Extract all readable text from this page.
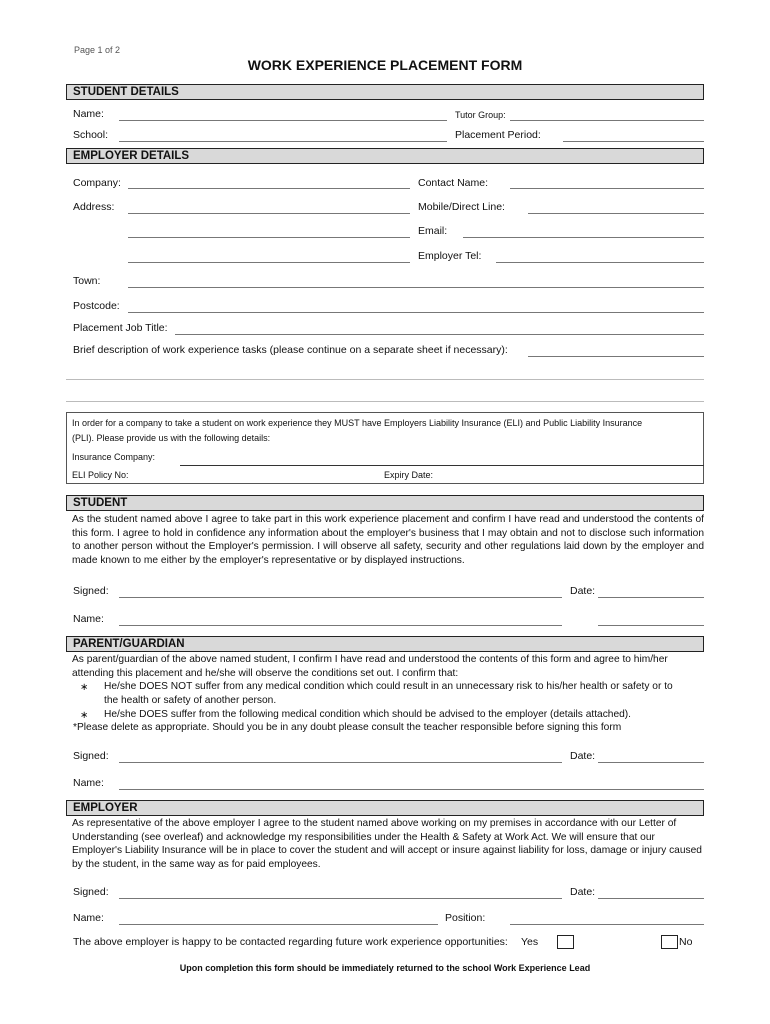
Page 1 of 2
WORK EXPERIENCE PLACEMENT FORM
STUDENT DETAILS
Name:	Tutor Group:
School:	Placement Period:
EMPLOYER DETAILS
Company:	Contact Name:
Address:	Mobile/Direct Line:
Email:
Employer Tel:
Town:
Postcode:
Placement Job Title:
Brief description of work experience tasks (please continue on a separate sheet if necessary):
In order for a company to take a student on work experience they MUST have Employers Liability Insurance (ELI) and Public Liability Insurance
(PLI). Please provide us with the following details:
Insurance Company:
ELI Policy No:	Expiry Date:
STUDENT
As the student named above I agree to take part in this work experience placement and confirm I have read and understood the contents of this form. I agree to hold in confidence any information about the employer's business that I may obtain and not to disclose such information to another person without the Employer's permission. I will observe all safety, security and other regulations laid down by the employer and made known to me either by the employer's representative or by displayed instructions.
Signed:	Date:
Name:
PARENT/GUARDIAN
As parent/guardian of the above named student, I confirm I have read and understood the contents of this form and agree to him/her attending this placement and he/she will observe the conditions set out. I confirm that:
∗ He/she DOES NOT suffer from any medical condition which could result in an unnecessary risk to his/her health or safety or to
the health or safety of another person.
∗ He/she DOES suffer from the following medical condition which should be advised to the employer (details attached).
*Please delete as appropriate. Should you be in any doubt please consult the teacher responsible before signing this form
Signed:	Date:
Name:
EMPLOYER
As representative of the above employer I agree to the student named above working on my premises in accordance with our Letter of Understanding (see overleaf) and acknowledge my responsibilities under the Health & Safety at Work Act. We will ensure that our Employer's Liability Insurance will be in place to cover the student and will accept or insure against liability for loss, damage or injury caused by the student, in the same way as for paid employees.
Signed:	Date:
Name:	Position:
The above employer is happy to be contacted regarding future work experience opportunities: Yes	No
Upon completion this form should be immediately returned to the school Work Experience Lead
